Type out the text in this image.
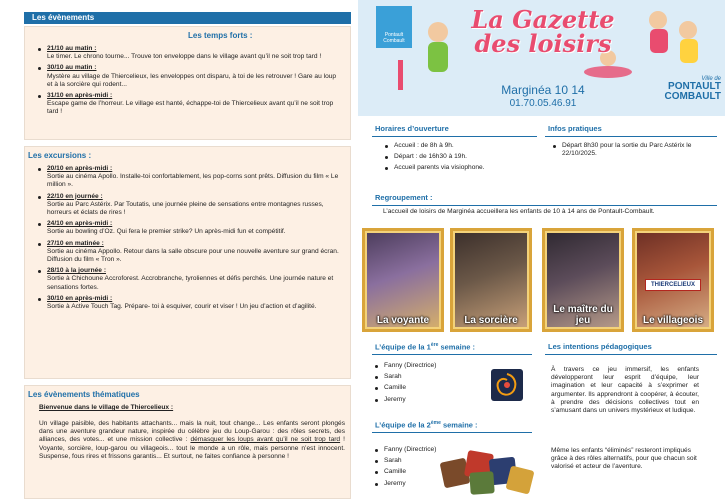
Les évènements
Les temps forts :
21/10 au matin :
Le timer. Le chrono tourne... Trouve ton enveloppe dans le village avant qu’il ne soit trop tard !
30/10 au matin :
Mystère au village de Thiercelieux, les enveloppes ont disparu, à toi de les retrouver ! Gare au loup et à la sorcière qui rodent...
31/10 en après-midi :
Escape game de l’horreur. Le village est hanté, échappe-toi de Thiercelieux avant qu’il ne soit trop tard !
Les excursions :
20/10 en après-midi :
Sortie au cinéma Apollo. Installe-toi confortablement, les pop-corns sont prêts. Diffusion du film « Le million ».
22/10 en journée :
Sortie au Parc Astérix. Par Toutatis, une journée pleine de sensations entre montagnes russes, horreurs et éclats de rires !
24/10 en après-midi :
Sortie au bowling d’Oz. Qui fera le premier strike? Un après-midi fun et compétitif.
27/10 en matinée :
Sortie au cinéma Appollo. Retour dans la salle obscure pour une nouvelle aventure sur grand écran. Diffusion du film « Tron ».
28/10 à la journée :
Sortie à Chichoune Accroforest. Accrobranche, tyroliennes et défis perchés. Une journée nature et sensations fortes.
30/10 en après-midi :
Sortie à Active Touch Tag. Prépare- toi à esquiver, courir et viser ! Un jeu d’action et d’agilité.
Les évènements thématiques
Bienvenue dans le village de Thiercelieux :
Un village paisible, des habitants attachants... mais la nuit, tout change... Les enfants seront plongés dans une aventure grandeur nature, inspirée du célèbre jeu du Loup-Garou : des rôles secrets, des alliances, des votes... et une mission collective : démasquer les loups avant qu’il ne soit trop tard ! Voyante, sorcière, loup-garou ou villageois... tout le monde a un rôle, mais personne n’est innocent. Suspense, fous rires et frissons garantis... Et surtout, ne faites confiance à personne !
Pontault Combault
La Gazette
des loisirs
Marginéa 10 14
01.70.05.46.91
Ville de
PONTAULT
COMBAULT
Horaires d’ouverture
Accueil : de 8h à 9h.
Départ : de 16h30 à 19h.
Accueil parents via visiophone.
Infos pratiques
Départ 8h30 pour la sortie du Parc Astérix le 22/10/2025.
Regroupement :
L’accueil de loisirs de Marginéa accueillera les enfants de 10 à 14 ans de Pontault-Combault.
La voyante	La sorcière
Le maître du jeu
THIERCELIEUX
Le villageois
L’équipe de la 1ère semaine :
Fanny (Directrice)
Sarah
Camille
Jeremy
L’équipe de la 2ème semaine :
Fanny (Directrice)
Sarah
Camille
Jeremy
Les intentions pédagogiques
À travers ce jeu immersif, les enfants développeront leur esprit d’équipe, leur imagination et leur capacité à s’exprimer et argumenter. Ils apprendront à coopérer, à écouter, à prendre des décisions collectives tout en s’amusant dans un univers mystérieux et ludique.
Même les enfants “éliminés” resteront impliqués grâce à des rôles alternatifs, pour que chacun soit valorisé et acteur de l’aventure.
